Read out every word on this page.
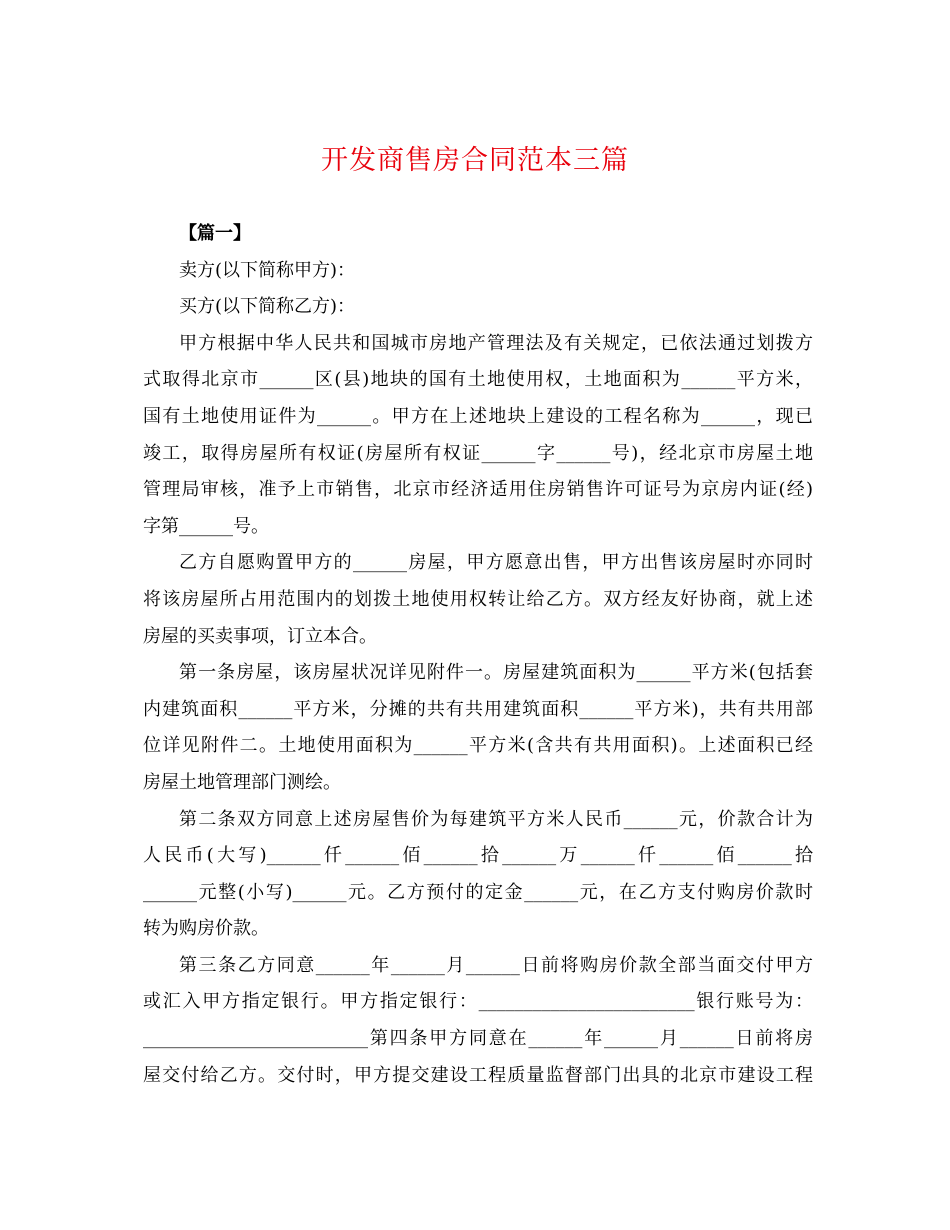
开发商售房合同范本三篇
【篇一】
卖方(以下简称甲方)：
买方(以下简称乙方)：
甲方根据中华人民共和国城市房地产管理法及有关规定，已依法通过划拨方
式取得北京市______区(县)地块的国有土地使用权，土地面积为______平方米，
国有土地使用证件为______。甲方在上述地块上建设的工程名称为______，现已
竣工，取得房屋所有权证(房屋所有权证______字______号)，经北京市房屋土地
管理局审核，准予上市销售，北京市经济适用住房销售许可证号为京房内证(经)
字第______号。
乙方自愿购置甲方的______房屋，甲方愿意出售，甲方出售该房屋时亦同时
将该房屋所占用范围内的划拨土地使用权转让给乙方。双方经友好协商，就上述
房屋的买卖事项，订立本合。
第一条房屋，该房屋状况详见附件一。房屋建筑面积为______平方米(包括套
内建筑面积______平方米，分摊的共有共用建筑面积______平方米)，共有共用部
位详见附件二。土地使用面积为______平方米(含共有共用面积)。上述面积已经
房屋土地管理部门测绘。
第二条双方同意上述房屋售价为每建筑平方米人民币______元，价款合计为
人民币(大写)______仟______佰______拾______万______仟______佰______拾
______元整(小写)______元。乙方预付的定金______元，在乙方支付购房价款时
转为购房价款。
第三条乙方同意______年______月______日前将购房价款全部当面交付甲方
或汇入甲方指定银行。甲方指定银行：________________________银行账号为：
_________________________第四条甲方同意在______年______月______日前将房
屋交付给乙方。交付时，甲方提交建设工程质量监督部门出具的北京市建设工程
